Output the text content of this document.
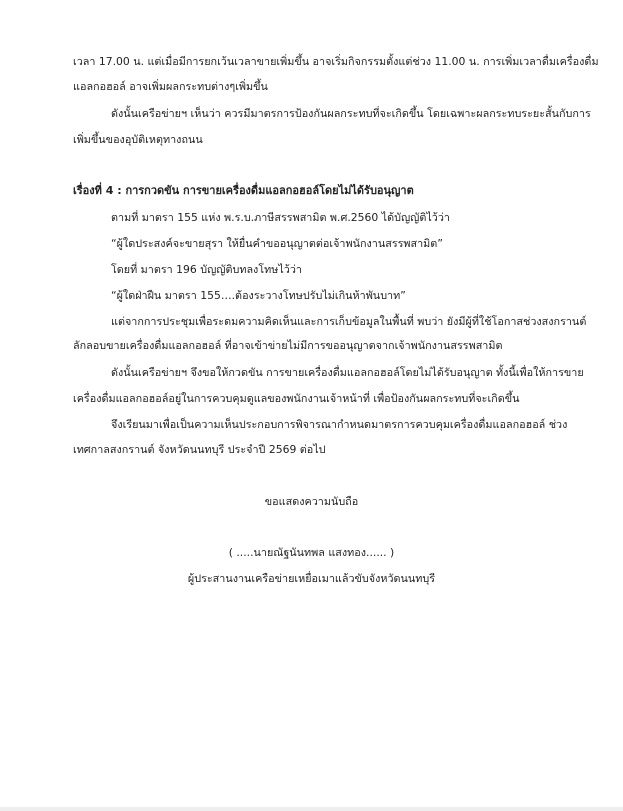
เวลา 17.00 น. แต่เมื่อมีการยกเว้นเวลาขายเพิ่มขึ้น อาจเริ่มกิจกรรมตั้งแต่ช่วง 11.00 น. การเพิ่มเวลาดื่มเครื่องดื่ม
แอลกอฮอล์ อาจเพิ่มผลกระทบต่างๆเพิ่มขึ้น
ดังนั้นเครือข่ายฯ เห็นว่า ควรมีมาตรการป้องกันผลกระทบที่จะเกิดขึ้น โดยเฉพาะผลกระทบระยะสั้นกับการ
เพิ่มขึ้นของอุบัติเหตุทางถนน
เรื่องที่ 4 : การกวดขัน การขายเครื่องดื่มแอลกอฮอล์โดยไม่ได้รับอนุญาต
ตามที่ มาตรา 155 แห่ง พ.ร.บ.ภาษีสรรพสามิต พ.ศ.2560 ได้บัญญัติไว้ว่า
“ผู้ใดประสงค์จะขายสุรา ให้ยื่นคำขออนุญาตต่อเจ้าพนักงานสรรพสามิต”
โดยที่ มาตรา 196 บัญญัติบทลงโทษไว้ว่า
“ผู้ใดฝ่าฝืน มาตรา 155….ต้องระวางโทษปรับไม่เกินห้าพันบาท”
แต่จากการประชุมเพื่อระดมความคิดเห็นและการเก็บข้อมูลในพื้นที่ พบว่า ยังมีผู้ที่ใช้โอกาสช่วงสงกรานต์
ลักลอบขายเครื่องดื่มแอลกอฮอล์ ที่อาจเข้าข่ายไม่มีการขออนุญาตจากเจ้าพนักงานสรรพสามิต
ดังนั้นเครือข่ายฯ จึงขอให้กวดขัน การขายเครื่องดื่มแอลกอฮอล์โดยไม่ได้รับอนุญาต ทั้งนี้เพื่อให้การขาย
เครื่องดื่มแอลกอฮอล์อยู่ในการควบคุมดูแลของพนักงานเจ้าหน้าที่ เพื่อป้องกันผลกระทบที่จะเกิดขึ้น
จึงเรียนมาเพื่อเป็นความเห็นประกอบการพิจารณากำหนดมาตรการควบคุมเครื่องดื่มแอลกอฮอล์ ช่วง
เทศกาลสงกรานต์ จังหวัดนนทบุรี ประจำปี 2569 ต่อไป
ขอแสดงความนับถือ
( .....นายณัฐนันทพล แสงทอง...... )
ผู้ประสานงานเครือข่ายเหยื่อเมาแล้วขับจังหวัดนนทบุรี
